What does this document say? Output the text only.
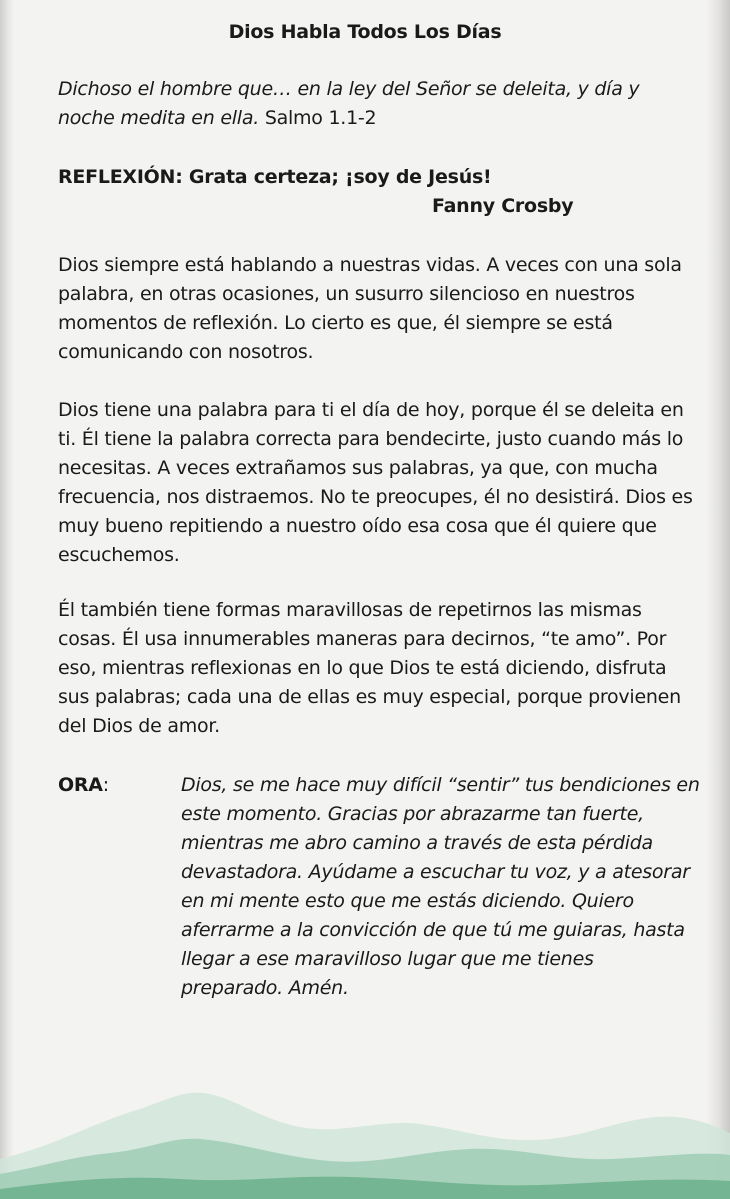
Dios Habla Todos Los Días
Dichoso el hombre que… en la ley del Señor se deleita, y día y noche medita en ella. Salmo 1.1-2
REFLEXIÓN: Grata certeza; ¡soy de Jesús!
Fanny Crosby
Dios siempre está hablando a nuestras vidas. A veces con una sola palabra, en otras ocasiones, un susurro silencioso en nuestros momentos de reflexión. Lo cierto es que, él siempre se está comunicando con nosotros.
Dios tiene una palabra para ti el día de hoy, porque él se deleita en ti. Él tiene la palabra correcta para bendecirte, justo cuando más lo necesitas. A veces extrañamos sus palabras, ya que, con mucha frecuencia, nos distraemos. No te preocupes, él no desistirá. Dios es muy bueno repitiendo a nuestro oído esa cosa que él quiere que escuchemos.
Él también tiene formas maravillosas de repetirnos las mismas cosas. Él usa innumerables maneras para decirnos, “te amo”. Por eso, mientras reflexionas en lo que Dios te está diciendo, disfruta sus palabras; cada una de ellas es muy especial, porque provienen del Dios de amor.
ORA:	Dios, se me hace muy difícil “sentir” tus bendiciones en este momento. Gracias por abrazarme tan fuerte, mientras me abro camino a través de esta pérdida devastadora. Ayúdame a escuchar tu voz, y a atesorar en mi mente esto que me estás diciendo. Quiero aferrarme a la convicción de que tú me guiaras, hasta llegar a ese maravilloso lugar que me tienes preparado. Amén.
